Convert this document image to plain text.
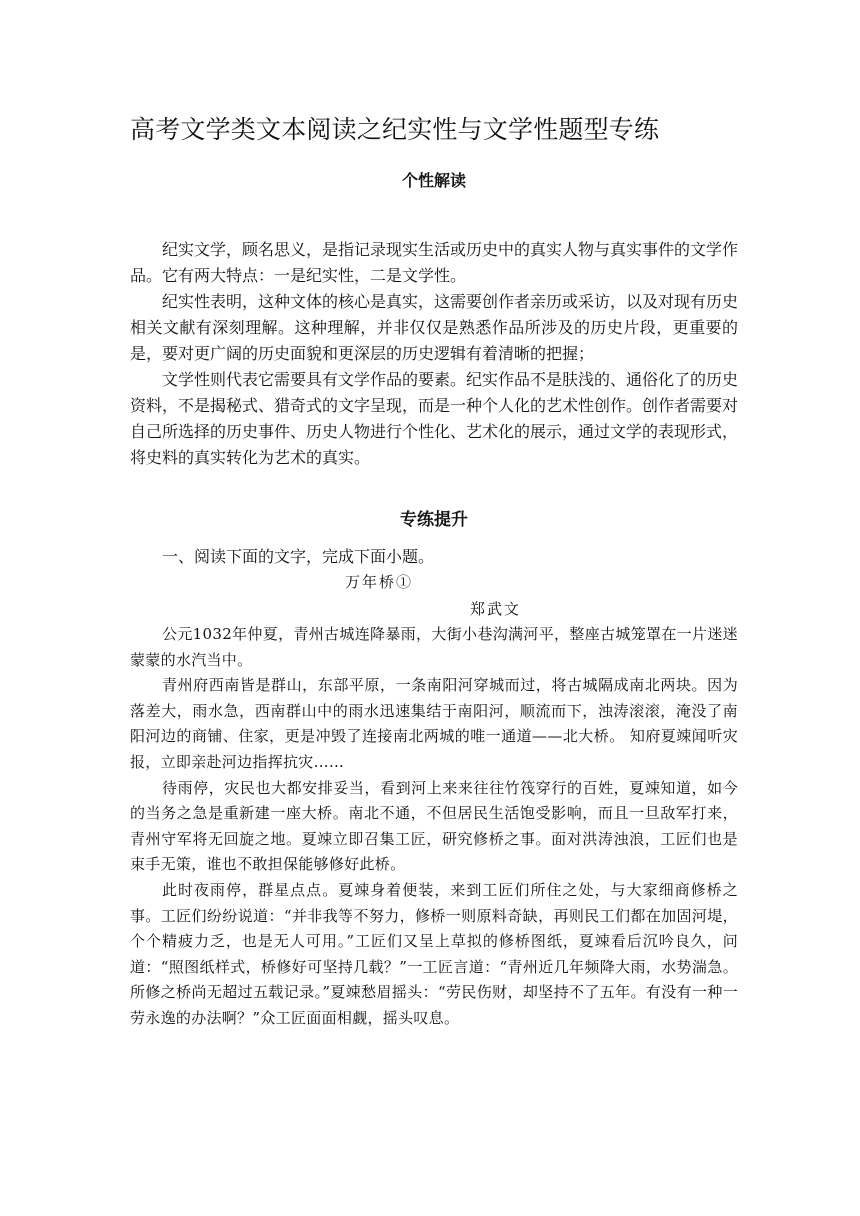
高考文学类文本阅读之纪实性与文学性题型专练
个性解读

纪实文学，顾名思义，是指记录现实生活或历史中的真实人物与真实事件的文学作品。它有两大特点：一是纪实性，二是文学性。

纪实性表明，这种文体的核心是真实，这需要创作者亲历或采访，以及对现有历史相关文献有深刻理解。这种理解，并非仅仅是熟悉作品所涉及的历史片段，更重要的是，要对更广阔的历史面貌和更深层的历史逻辑有着清晰的把握；

文学性则代表它需要具有文学作品的要素。纪实作品不是肤浅的、通俗化了的历史资料，不是揭秘式、猎奇式的文字呈现，而是一种个人化的艺术性创作。创作者需要对自己所选择的历史事件、历史人物进行个性化、艺术化的展示，通过文学的表现形式，将史料的真实转化为艺术的真实。

专练提升

一、阅读下面的文字，完成下面小题。

万年桥①
郑武文

公元1032年仲夏，青州古城连降暴雨，大街小巷沟满河平，整座古城笼罩在一片迷迷蒙蒙的水汽当中。

青州府西南皆是群山，东部平原，一条南阳河穿城而过，将古城隔成南北两块。因为落差大，雨水急，西南群山中的雨水迅速集结于南阳河，顺流而下，浊涛滚滚，淹没了南阳河边的商铺、住家，更是冲毁了连接南北两城的唯一通道——北大桥。 知府夏竦闻听灾报，立即亲赴河边指挥抗灾……

待雨停，灾民也大都安排妥当，看到河上来来往往竹筏穿行的百姓，夏竦知道，如今的当务之急是重新建一座大桥。南北不通，不但居民生活饱受影响，而且一旦敌军打来，青州守军将无回旋之地。夏竦立即召集工匠，研究修桥之事。面对洪涛浊浪，工匠们也是束手无策，谁也不敢担保能够修好此桥。

此时夜雨停，群星点点。夏竦身着便装，来到工匠们所住之处，与大家细商修桥之事。工匠们纷纷说道：“并非我等不努力，修桥一则原料奇缺，再则民工们都在加固河堤，个个精疲力乏，也是无人可用。”工匠们又呈上草拟的修桥图纸，夏竦看后沉吟良久，问道：“照图纸样式，桥修好可坚持几载？”一工匠言道：“青州近几年频降大雨，水势湍急。所修之桥尚无超过五载记录。”夏竦愁眉摇头：“劳民伤财，却坚持不了五年。有没有一种一劳永逸的办法啊？”众工匠面面相觑，摇头叹息。
